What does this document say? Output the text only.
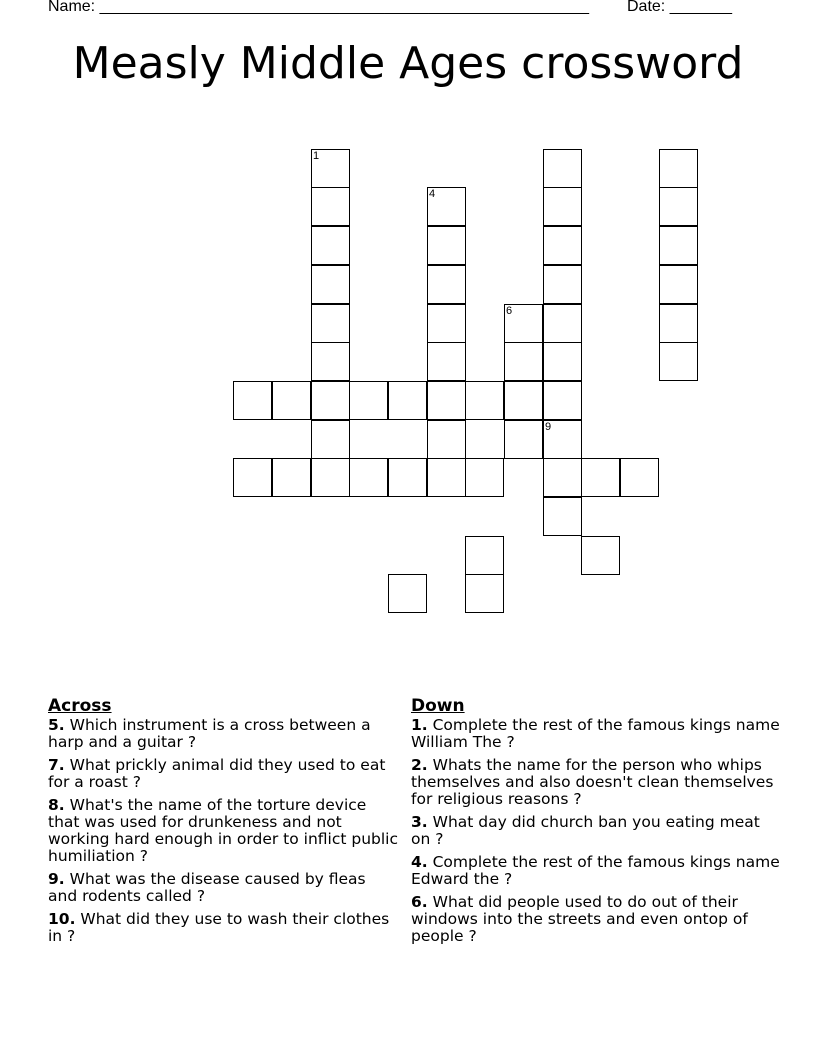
Name: _______________________________________________________ Date: _______
Measly Middle Ages crossword
1
4
9
6
Across
5. Which instrument is a cross between a harp and a guitar ?
7. What prickly animal did they used to eat for a roast ?
8. What's the name of the torture device that was used for drunkeness and not working hard enough in order to inflict public humiliation ?
9. What was the disease caused by fleas and rodents called ?
10. What did they use to wash their clothes in ?
Down
1. Complete the rest of the famous kings name William The ?
2. Whats the name for the person who whips themselves and also doesn't clean themselves for religious reasons ?
3. What day did church ban you eating meat on ?
4. Complete the rest of the famous kings name Edward the ?
6. What did people used to do out of their windows into the streets and even ontop of people ?
